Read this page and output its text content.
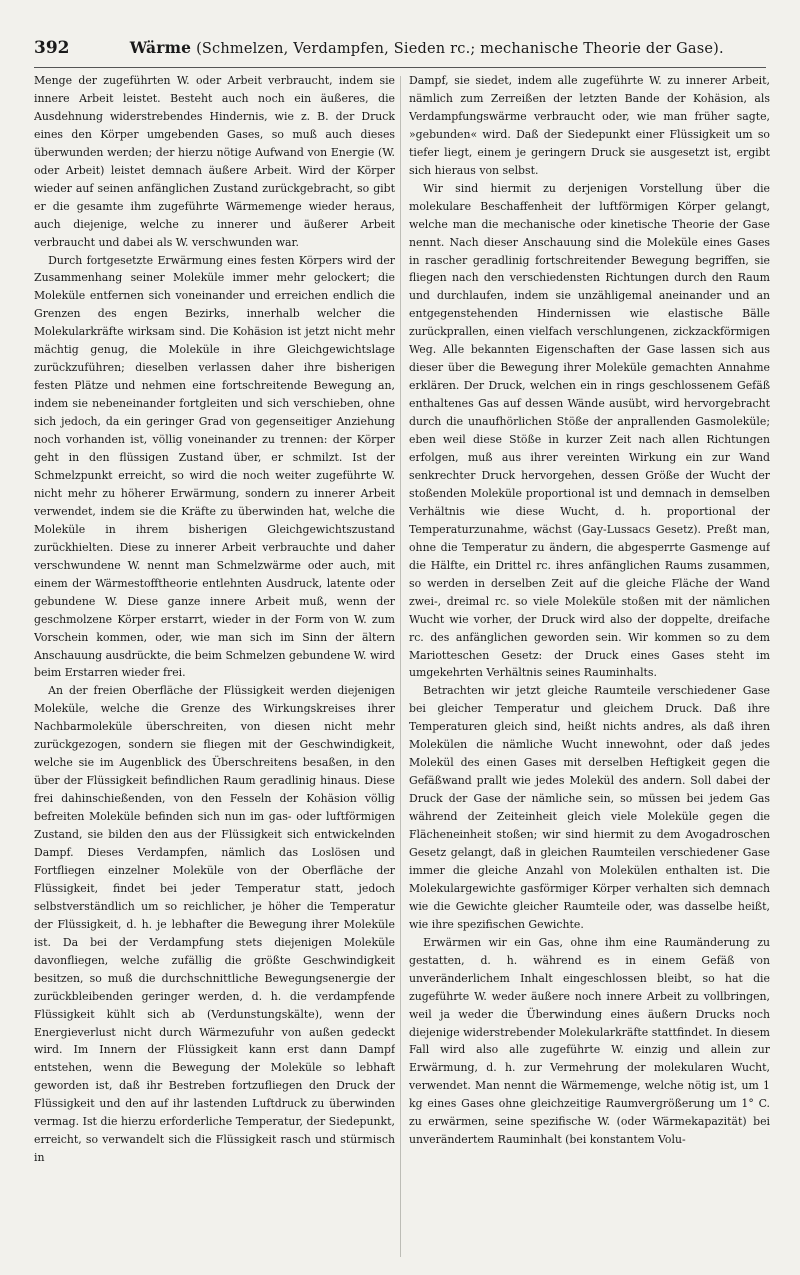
392	Wärme (Schmelzen, Verdampfen, Sieden rc.; mechanische Theorie der Gase).

Menge der zugeführten W. oder Arbeit verbraucht, indem sie innere Arbeit leistet. Besteht auch noch ein äußeres, die Ausdehnung widerstrebendes Hindernis, wie z. B. der Druck eines den Körper umgebenden Gases, so muß auch dieses überwunden werden; der hierzu nötige Aufwand von Energie (W. oder Arbeit) leistet demnach äußere Arbeit. Wird der Körper wieder auf seinen anfänglichen Zustand zurückgebracht, so gibt er die gesamte ihm zugeführte Wärmemenge wieder heraus, auch diejenige, welche zu innerer und äußerer Arbeit verbraucht und dabei als W. verschwunden war.

Durch fortgesetzte Erwärmung eines festen Körpers wird der Zusammenhang seiner Moleküle immer mehr gelockert; die Moleküle entfernen sich voneinander und erreichen endlich die Grenzen des engen Bezirks, innerhalb welcher die Molekularkräfte wirksam sind. Die Kohäsion ist jetzt nicht mehr mächtig genug, die Moleküle in ihre Gleichgewichtslage zurückzuführen; dieselben verlassen daher ihre bisherigen festen Plätze und nehmen eine fortschreitende Bewegung an, indem sie nebeneinander fortgleiten und sich verschieben, ohne sich jedoch, da ein geringer Grad von gegenseitiger Anziehung noch vorhanden ist, völlig voneinander zu trennen: der Körper geht in den flüssigen Zustand über, er schmilzt. Ist der Schmelzpunkt erreicht, so wird die noch weiter zugeführte W. nicht mehr zu höherer Erwärmung, sondern zu innerer Arbeit verwendet, indem sie die Kräfte zu überwinden hat, welche die Moleküle in ihrem bisherigen Gleichgewichtszustand zurückhielten. Diese zu innerer Arbeit verbrauchte und daher verschwundene W. nennt man Schmelzwärme oder auch, mit einem der Wärmestofftheorie entlehnten Ausdruck, latente oder gebundene W. Diese ganze innere Arbeit muß, wenn der geschmolzene Körper erstarrt, wieder in der Form von W. zum Vorschein kommen, oder, wie man sich im Sinn der ältern Anschauung ausdrückte, die beim Schmelzen gebundene W. wird beim Erstarren wieder frei.

An der freien Oberfläche der Flüssigkeit werden diejenigen Moleküle, welche die Grenze des Wirkungskreises ihrer Nachbarmoleküle überschreiten, von diesen nicht mehr zurückgezogen, sondern sie fliegen mit der Geschwindigkeit, welche sie im Augenblick des Überschreitens besaßen, in den über der Flüssigkeit befindlichen Raum geradlinig hinaus. Diese frei dahinschießenden, von den Fesseln der Kohäsion völlig befreiten Moleküle befinden sich nun im gas- oder luftförmigen Zustand, sie bilden den aus der Flüssigkeit sich entwickelnden Dampf. Dieses Verdampfen, nämlich das Loslösen und Fortfliegen einzelner Moleküle von der Oberfläche der Flüssigkeit, findet bei jeder Temperatur statt, jedoch selbstverständlich um so reichlicher, je höher die Temperatur der Flüssigkeit, d. h. je lebhafter die Bewegung ihrer Moleküle ist. Da bei der Verdampfung stets diejenigen Moleküle davonfliegen, welche zufällig die größte Geschwindigkeit besitzen, so muß die durchschnittliche Bewegungsenergie der zurückbleibenden geringer werden, d. h. die verdampfende Flüssigkeit kühlt sich ab (Verdunstungskälte), wenn der Energieverlust nicht durch Wärmezufuhr von außen gedeckt wird. Im Innern der Flüssigkeit kann erst dann Dampf entstehen, wenn die Bewegung der Moleküle so lebhaft geworden ist, daß ihr Bestreben fortzufliegen den Druck der Flüssigkeit und den auf ihr lastenden Luftdruck zu überwinden vermag. Ist die hierzu erforderliche Temperatur, der Siedepunkt, erreicht, so verwandelt sich die Flüssigkeit rasch und stürmisch in

Dampf, sie siedet, indem alle zugeführte W. zu innerer Arbeit, nämlich zum Zerreißen der letzten Bande der Kohäsion, als Verdampfungswärme verbraucht oder, wie man früher sagte, »gebunden« wird. Daß der Siedepunkt einer Flüssigkeit um so tiefer liegt, einem je geringern Druck sie ausgesetzt ist, ergibt sich hieraus von selbst.

Wir sind hiermit zu derjenigen Vorstellung über die molekulare Beschaffenheit der luftförmigen Körper gelangt, welche man die mechanische oder kinetische Theorie der Gase nennt. Nach dieser Anschauung sind die Moleküle eines Gases in rascher geradlinig fortschreitender Bewegung begriffen, sie fliegen nach den verschiedensten Richtungen durch den Raum und durchlaufen, indem sie unzähligemal aneinander und an entgegenstehenden Hindernissen wie elastische Bälle zurückprallen, einen vielfach verschlungenen, zickzackförmigen Weg. Alle bekannten Eigenschaften der Gase lassen sich aus dieser über die Bewegung ihrer Moleküle gemachten Annahme erklären. Der Druck, welchen ein in rings geschlossenem Gefäß enthaltenes Gas auf dessen Wände ausübt, wird hervorgebracht durch die unaufhörlichen Stöße der anprallenden Gasmoleküle; eben weil diese Stöße in kurzer Zeit nach allen Richtungen erfolgen, muß aus ihrer vereinten Wirkung ein zur Wand senkrechter Druck hervorgehen, dessen Größe der Wucht der stoßenden Moleküle proportional ist und demnach in demselben Verhältnis wie diese Wucht, d. h. proportional der Temperaturzunahme, wächst (Gay-Lussacs Gesetz). Preßt man, ohne die Temperatur zu ändern, die abgesperrte Gasmenge auf die Hälfte, ein Drittel rc. ihres anfänglichen Raums zusammen, so werden in derselben Zeit auf die gleiche Fläche der Wand zwei-, dreimal rc. so viele Moleküle stoßen mit der nämlichen Wucht wie vorher, der Druck wird also der doppelte, dreifache rc. des anfänglichen geworden sein. Wir kommen so zu dem Mariotteschen Gesetz: der Druck eines Gases steht im umgekehrten Verhältnis seines Rauminhalts.

Betrachten wir jetzt gleiche Raumteile verschiedener Gase bei gleicher Temperatur und gleichem Druck. Daß ihre Temperaturen gleich sind, heißt nichts andres, als daß ihren Molekülen die nämliche Wucht innewohnt, oder daß jedes Molekül des einen Gases mit derselben Heftigkeit gegen die Gefäßwand prallt wie jedes Molekül des andern. Soll dabei der Druck der Gase der nämliche sein, so müssen bei jedem Gas während der Zeiteinheit gleich viele Moleküle gegen die Flächeneinheit stoßen; wir sind hiermit zu dem Avogadroschen Gesetz gelangt, daß in gleichen Raumteilen verschiedener Gase immer die gleiche Anzahl von Molekülen enthalten ist. Die Molekulargewichte gasförmiger Körper verhalten sich demnach wie die Gewichte gleicher Raumteile oder, was dasselbe heißt, wie ihre spezifischen Gewichte.

Erwärmen wir ein Gas, ohne ihm eine Raumänderung zu gestatten, d. h. während es in einem Gefäß von unveränderlichem Inhalt eingeschlossen bleibt, so hat die zugeführte W. weder äußere noch innere Arbeit zu vollbringen, weil ja weder die Überwindung eines äußern Drucks noch diejenige widerstrebender Molekularkräfte stattfindet. In diesem Fall wird also alle zugeführte W. einzig und allein zur Erwärmung, d. h. zur Vermehrung der molekularen Wucht, verwendet. Man nennt die Wärmemenge, welche nötig ist, um 1 kg eines Gases ohne gleichzeitige Raumvergrößerung um 1° C. zu erwärmen, seine spezifische W. (oder Wärmekapazität) bei unverändertem Rauminhalt (bei konstantem Volu-
